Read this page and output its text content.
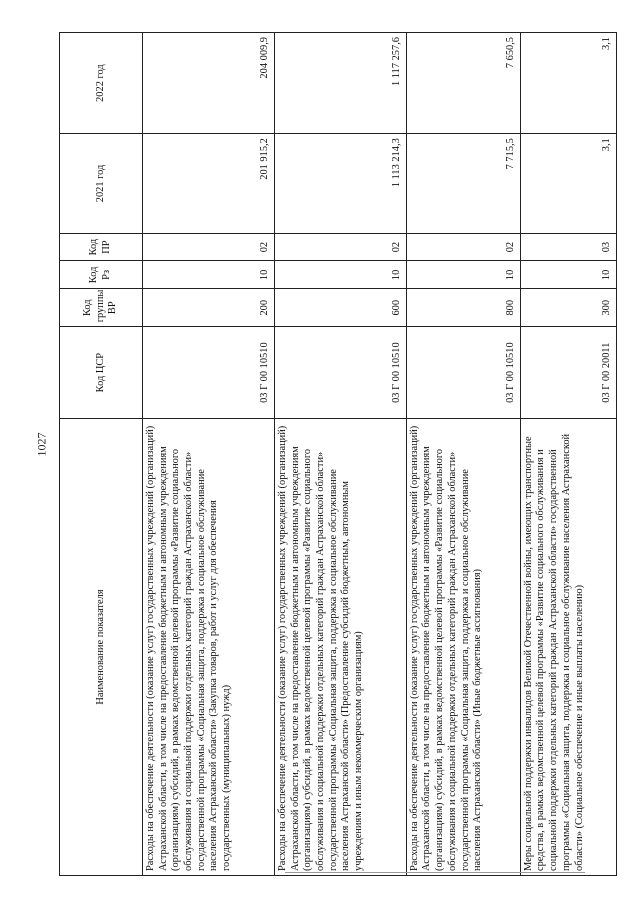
1027
Наименование показателя	Код ЦСР	Код группы ВР	Код Рз	Код ПР	2021 год	2022 год
Расходы на обеспечение деятельности (оказание услуг) государственных учреждений (организаций) Астраханской области, в том числе на предоставление бюджетным и автономным учреждениям (организациям) субсидий, в рамках ведомственной целевой программы «Развитие социального обслуживания и социальной поддержки отдельных категорий граждан Астраханской области» государственной программы «Социальная защита, поддержка и социальное обслуживание населения Астраханской области» (Закупка товаров, работ и услуг для обеспечения государственных (муниципальных) нужд)	03 Г 00 10510	200	10	02	201 915,2	204 009,9
Расходы на обеспечение деятельности (оказание услуг) государственных учреждений (организаций) Астраханской области, в том числе на предоставление бюджетным и автономным учреждениям (организациям) субсидий, в рамках ведомственной целевой программы «Развитие социального обслуживания и социальной поддержки отдельных категорий граждан Астраханской области» государственной программы «Социальная защита, поддержка и социальное обслуживание населения Астраханской области» (Предоставление субсидий бюджетным, автономным учреждениям и иным некоммерческим организациям)	03 Г 00 10510	600	10	02	1 113 214,3	1 117 257,6
Расходы на обеспечение деятельности (оказание услуг) государственных учреждений (организаций) Астраханской области, в том числе на предоставление бюджетным и автономным учреждениям (организациям) субсидий, в рамках ведомственной целевой программы «Развитие социального обслуживания и социальной поддержки отдельных категорий граждан Астраханской области» государственной программы «Социальная защита, поддержка и социальное обслуживание населения Астраханской области» (Иные бюджетные ассигнования)	03 Г 00 10510	800	10	02	7 715,5	7 650,5
Меры социальной поддержки инвалидов Великой Отечественной войны, имеющих транспортные средства, в рамках ведомственной целевой программы «Развитие социального обслуживания и социальной поддержки отдельных категорий граждан Астраханской области» государственной программы «Социальная защита, поддержка и социальное обслуживание населения Астраханской области» (Социальное обеспечение и иные выплаты населению)	03 Г 00 20011	300	10	03	3,1	3,1
